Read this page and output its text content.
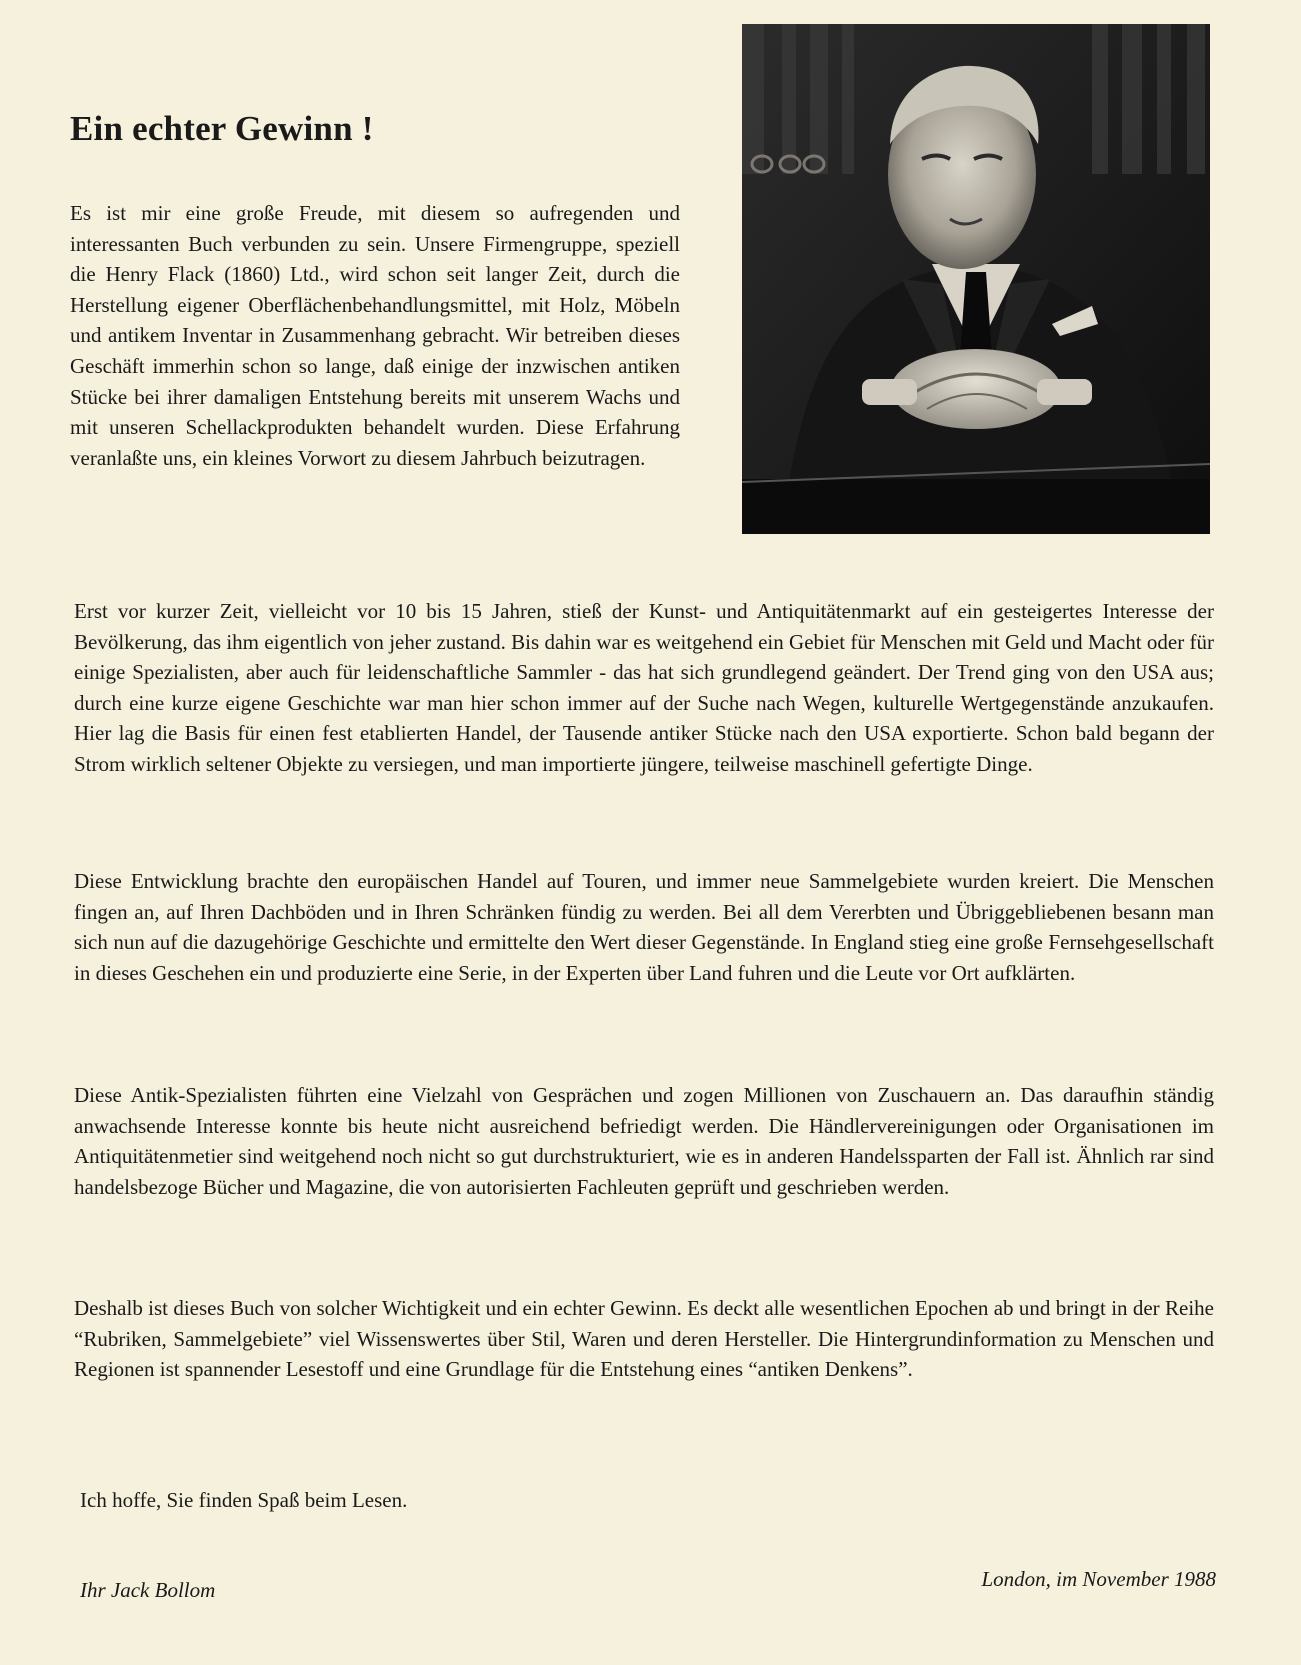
Ein echter Gewinn !

Es ist mir eine große Freude, mit diesem so aufregenden und interessanten Buch verbunden zu sein. Unsere Firmengruppe, speziell die Henry Flack (1860) Ltd., wird schon seit langer Zeit, durch die Herstellung eigener Oberflächenbehandlungsmittel, mit Holz, Möbeln und antikem Inventar in Zusammenhang gebracht. Wir betreiben dieses Geschäft immerhin schon so lange, daß einige der inzwischen antiken Stücke bei ihrer damaligen Entstehung bereits mit unserem Wachs und mit unseren Schellackprodukten behandelt wurden. Diese Erfahrung veranlaßte uns, ein kleines Vorwort zu diesem Jahrbuch beizutragen.

Erst vor kurzer Zeit, vielleicht vor 10 bis 15 Jahren, stieß der Kunst- und Antiquitätenmarkt auf ein gesteigertes Interesse der Bevölkerung, das ihm eigentlich von jeher zustand. Bis dahin war es weitgehend ein Gebiet für Menschen mit Geld und Macht oder für einige Spezialisten, aber auch für leidenschaftliche Sammler - das hat sich grundlegend geändert. Der Trend ging von den USA aus; durch eine kurze eigene Geschichte war man hier schon immer auf der Suche nach Wegen, kulturelle Wertgegenstände anzukaufen. Hier lag die Basis für einen fest etablierten Handel, der Tausende antiker Stücke nach den USA exportierte. Schon bald begann der Strom wirklich seltener Objekte zu versiegen, und man importierte jüngere, teilweise maschinell gefertigte Dinge.

Diese Entwicklung brachte den europäischen Handel auf Touren, und immer neue Sammelgebiete wurden kreiert. Die Menschen fingen an, auf Ihren Dachböden und in Ihren Schränken fündig zu werden. Bei all dem Vererbten und Übriggebliebenen besann man sich nun auf die dazugehörige Geschichte und ermittelte den Wert dieser Gegenstände. In England stieg eine große Fernsehgesellschaft in dieses Geschehen ein und produzierte eine Serie, in der Experten über Land fuhren und die Leute vor Ort aufklärten.

Diese Antik-Spezialisten führten eine Vielzahl von Gesprächen und zogen Millionen von Zuschauern an. Das daraufhin ständig anwachsende Interesse konnte bis heute nicht ausreichend befriedigt werden. Die Händlervereinigungen oder Organisationen im Antiquitätenmetier sind weitgehend noch nicht so gut durchstrukturiert, wie es in anderen Handelssparten der Fall ist. Ähnlich rar sind handelsbezoge Bücher und Magazine, die von autorisierten Fachleuten geprüft und geschrieben werden.

Deshalb ist dieses Buch von solcher Wichtigkeit und ein echter Gewinn. Es deckt alle wesentlichen Epochen ab und bringt in der Reihe “Rubriken, Sammelgebiete” viel Wissenswertes über Stil, Waren und deren Hersteller. Die Hintergrundinformation zu Menschen und Regionen ist spannender Lesestoff und eine Grundlage für die Entstehung eines “antiken Denkens”.

Ich hoffe, Sie finden Spaß beim Lesen.

Ihr Jack Bollom	London, im November 1988
